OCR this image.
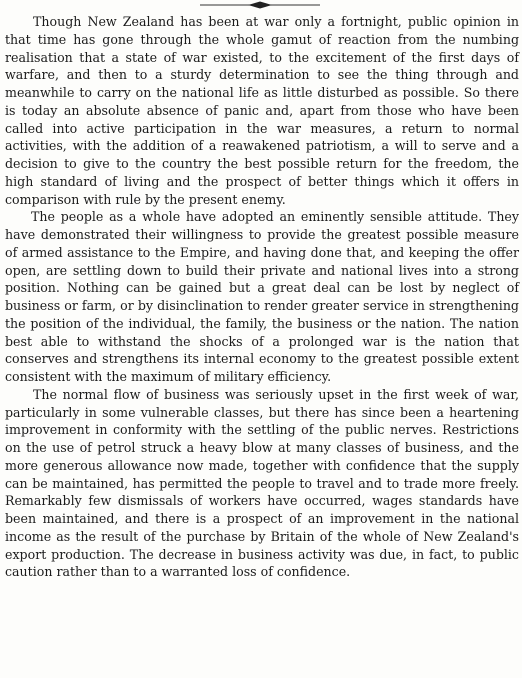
Though New Zealand has been at war only a fortnight, public opinion in that time has gone through the whole gamut of reaction from the numbing realisation that a state of war existed, to the excitement of the first days of warfare, and then to a sturdy determination to see the thing through and meanwhile to carry on the national life as little disturbed as possible. So there is today an absolute absence of panic and, apart from those who have been called into active participation in the war measures, a return to normal activities, with the addition of a reawakened patriotism, a will to serve and a decision to give to the country the best possible return for the freedom, the high standard of living and the prospect of better things which it offers in comparison with rule by the present enemy.

The people as a whole have adopted an eminently sensible attitude. They have demonstrated their willingness to provide the greatest possible measure of armed assistance to the Empire, and having done that, and keeping the offer open, are settling down to build their private and national lives into a strong position. Nothing can be gained but a great deal can be lost by neglect of business or farm, or by disinclination to render greater service in strengthening the position of the individual, the family, the business or the nation. The nation best able to withstand the shocks of a prolonged war is the nation that conserves and strengthens its internal economy to the greatest possible extent consistent with the maximum of military efficiency.

The normal flow of business was seriously upset in the first week of war, particularly in some vulnerable classes, but there has since been a heartening improvement in conformity with the settling of the public nerves. Restrictions on the use of petrol struck a heavy blow at many classes of business, and the more generous allowance now made, together with confidence that the supply can be maintained, has permitted the people to travel and to trade more freely. Remarkably few dismissals of workers have occurred, wages standards have been maintained, and there is a prospect of an improvement in the national income as the result of the purchase by Britain of the whole of New Zealand's export production. The decrease in business activity was due, in fact, to public caution rather than to a warranted loss of confidence.
